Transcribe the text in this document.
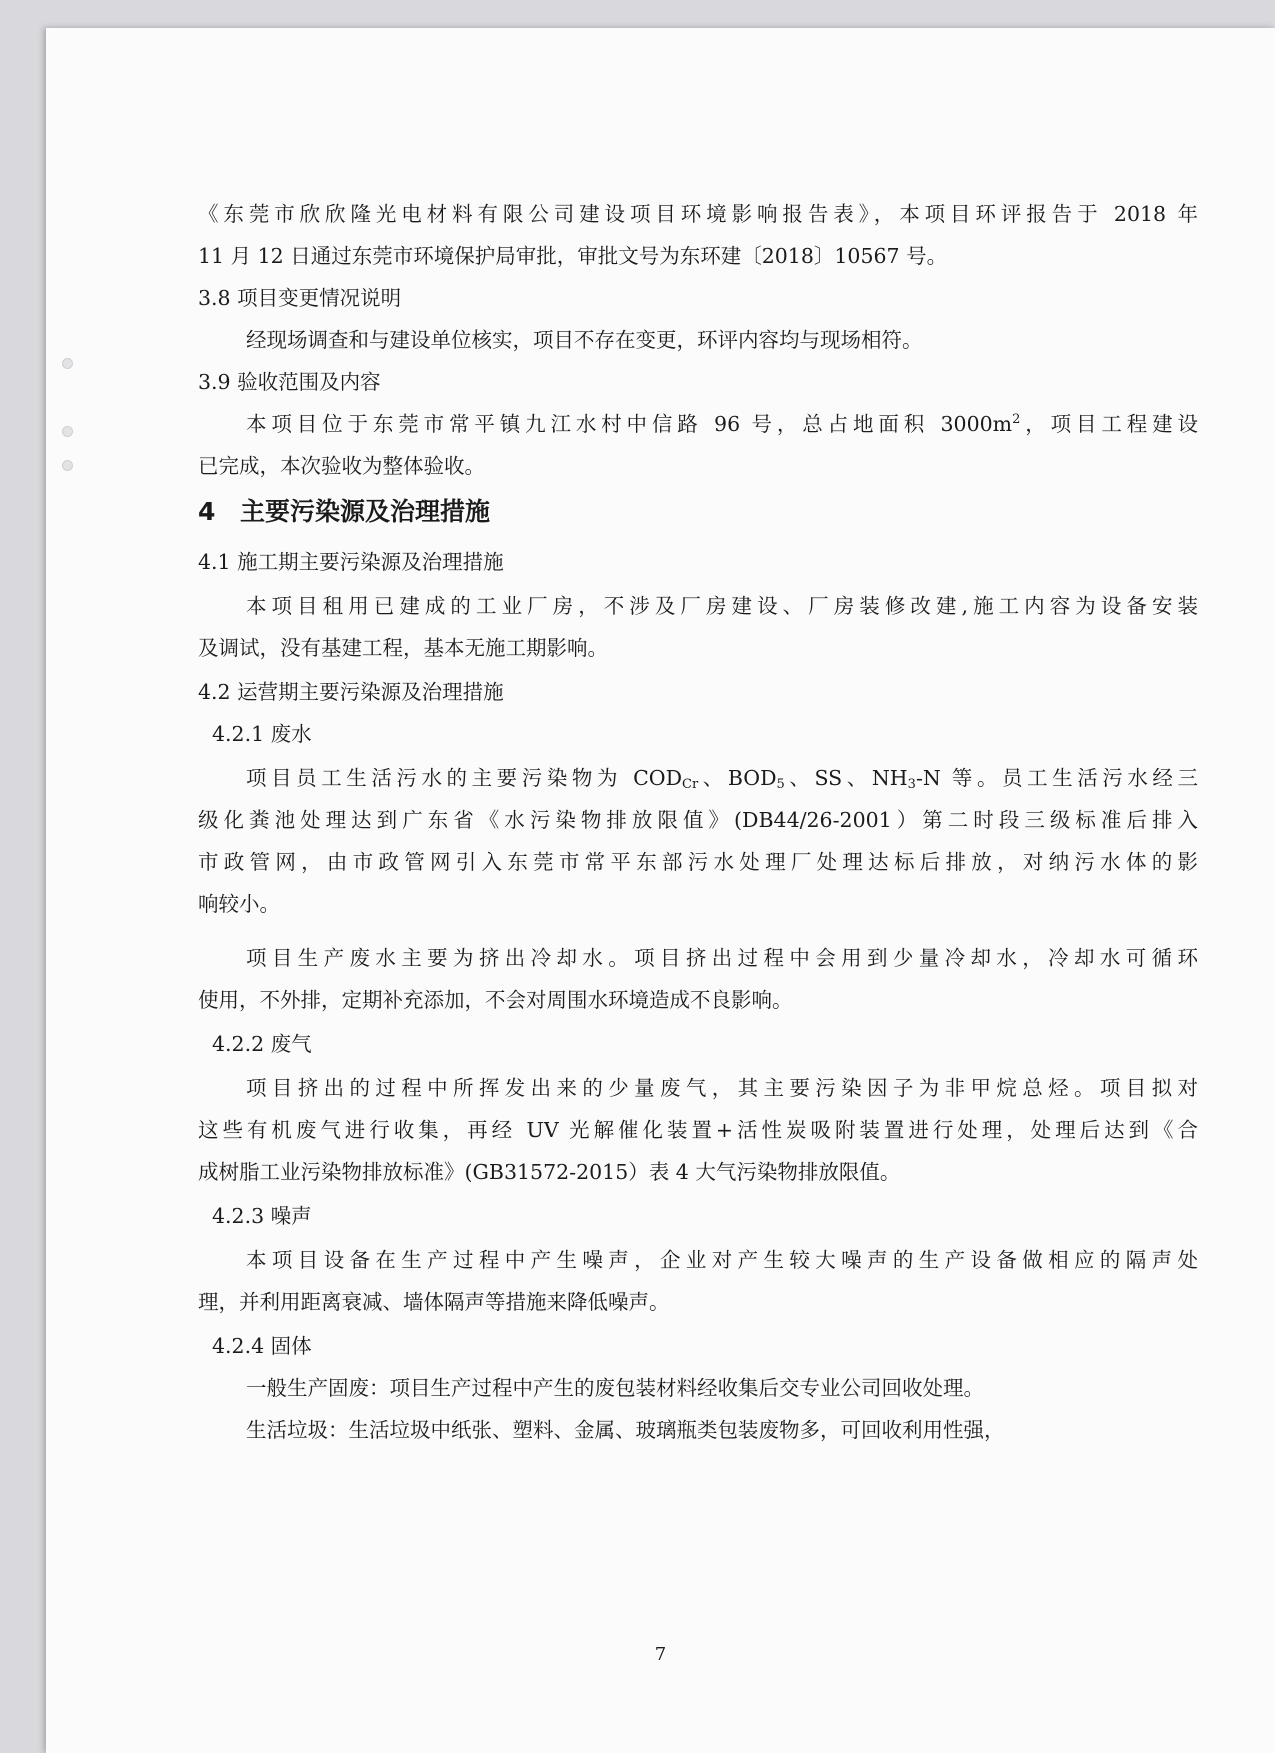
《东莞市欣欣隆光电材料有限公司建设项目环境影响报告表》，本项目环评报告于 2018 年
11 月 12 日通过东莞市环境保护局审批，审批文号为东环建〔2018〕10567 号。
3.8 项目变更情况说明
经现场调查和与建设单位核实，项目不存在变更，环评内容均与现场相符。
3.9 验收范围及内容
本项目位于东莞市常平镇九江水村中信路 96 号，总占地面积 $3000m^2$，项目工程建设
已完成，本次验收为整体验收。
4 主要污染源及治理措施
4.1 施工期主要污染源及治理措施
本项目租用已建成的工业厂房，不涉及厂房建设、厂房装修改建,施工内容为设备安装
及调试，没有基建工程，基本无施工期影响。
4.2 运营期主要污染源及治理措施
4.2.1 废水
项目员工生活污水的主要污染物为 $COD_{Cr}$、$BOD_5$、SS、$NH_3-N$ 等。员工生活污水经三
级化粪池处理达到广东省《水污染物排放限值》(DB44/26-2001）第二时段三级标准后排入
市政管网，由市政管网引入东莞市常平东部污水处理厂处理达标后排放，对纳污水体的影
响较小。
项目生产废水主要为挤出冷却水。项目挤出过程中会用到少量冷却水，冷却水可循环
使用，不外排，定期补充添加，不会对周围水环境造成不良影响。
4.2.2 废气
项目挤出的过程中所挥发出来的少量废气，其主要污染因子为非甲烷总烃。项目拟对
这些有机废气进行收集，再经 UV 光解催化装置+活性炭吸附装置进行处理，处理后达到《合
成树脂工业污染物排放标准》(GB31572-2015）表 4 大气污染物排放限值。
4.2.3 噪声
本项目设备在生产过程中产生噪声，企业对产生较大噪声的生产设备做相应的隔声处
理，并利用距离衰减、墙体隔声等措施来降低噪声。
4.2.4 固体
一般生产固废：项目生产过程中产生的废包装材料经收集后交专业公司回收处理。
生活垃圾：生活垃圾中纸张、塑料、金属、玻璃瓶类包装废物多，可回收利用性强，
7
